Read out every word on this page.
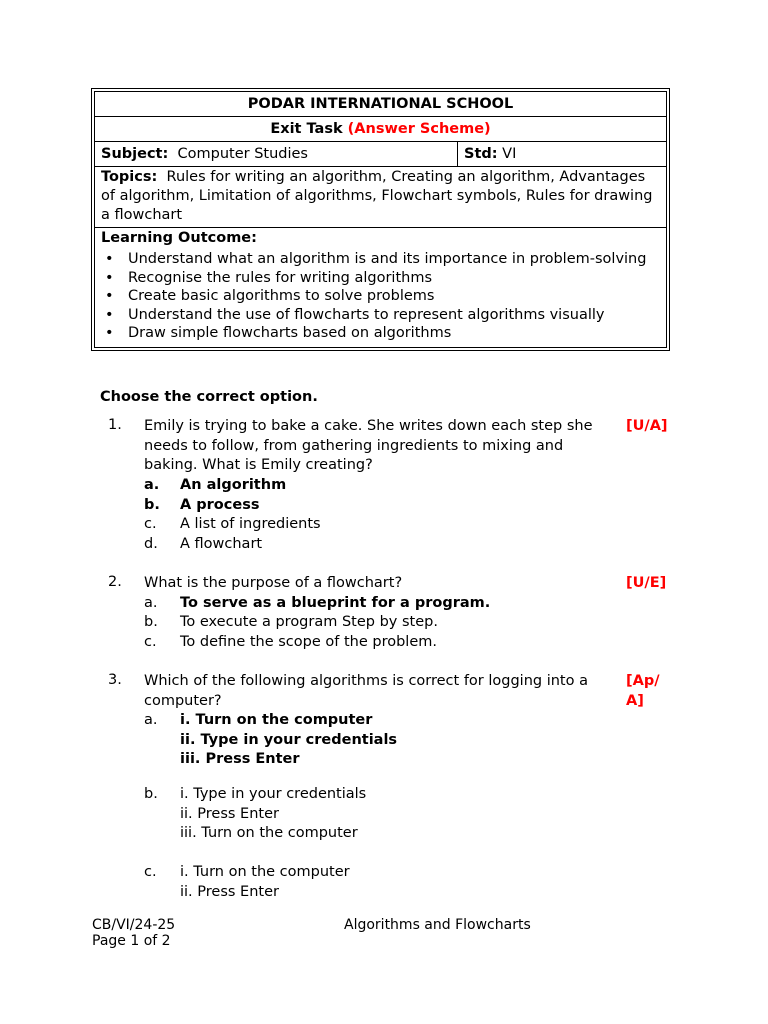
PODAR INTERNATIONAL SCHOOL
Exit Task (Answer Scheme)
Subject: Computer Studies	Std: VI
Topics: Rules for writing an algorithm, Creating an algorithm, Advantages of algorithm, Limitation of algorithms, Flowchart symbols, Rules for drawing a flowchart
Learning Outcome:
• Understand what an algorithm is and its importance in problem-solving
• Recognise the rules for writing algorithms
• Create basic algorithms to solve problems
• Understand the use of flowcharts to represent algorithms visually
• Draw simple flowcharts based on algorithms
Choose the correct option.
1. Emily is trying to bake a cake. She writes down each step she needs to follow, from gathering ingredients to mixing and baking. What is Emily creating?
[U/A]
a. An algorithm
b. A process
c. A list of ingredients
d. A flowchart
2. What is the purpose of a flowchart?	[U/E]
a. To serve as a blueprint for a program.
b. To execute a program Step by step.
c. To define the scope of the problem.
3. Which of the following algorithms is correct for logging into a computer?
[Ap/
A]
a. i. Turn on the computer
ii. Type in your credentials
iii. Press Enter
b. i. Type in your credentials
ii. Press Enter
iii. Turn on the computer
c. i. Turn on the computer
ii. Press Enter
CB/VI/24-25
Page 1 of 2
Algorithms and Flowcharts
